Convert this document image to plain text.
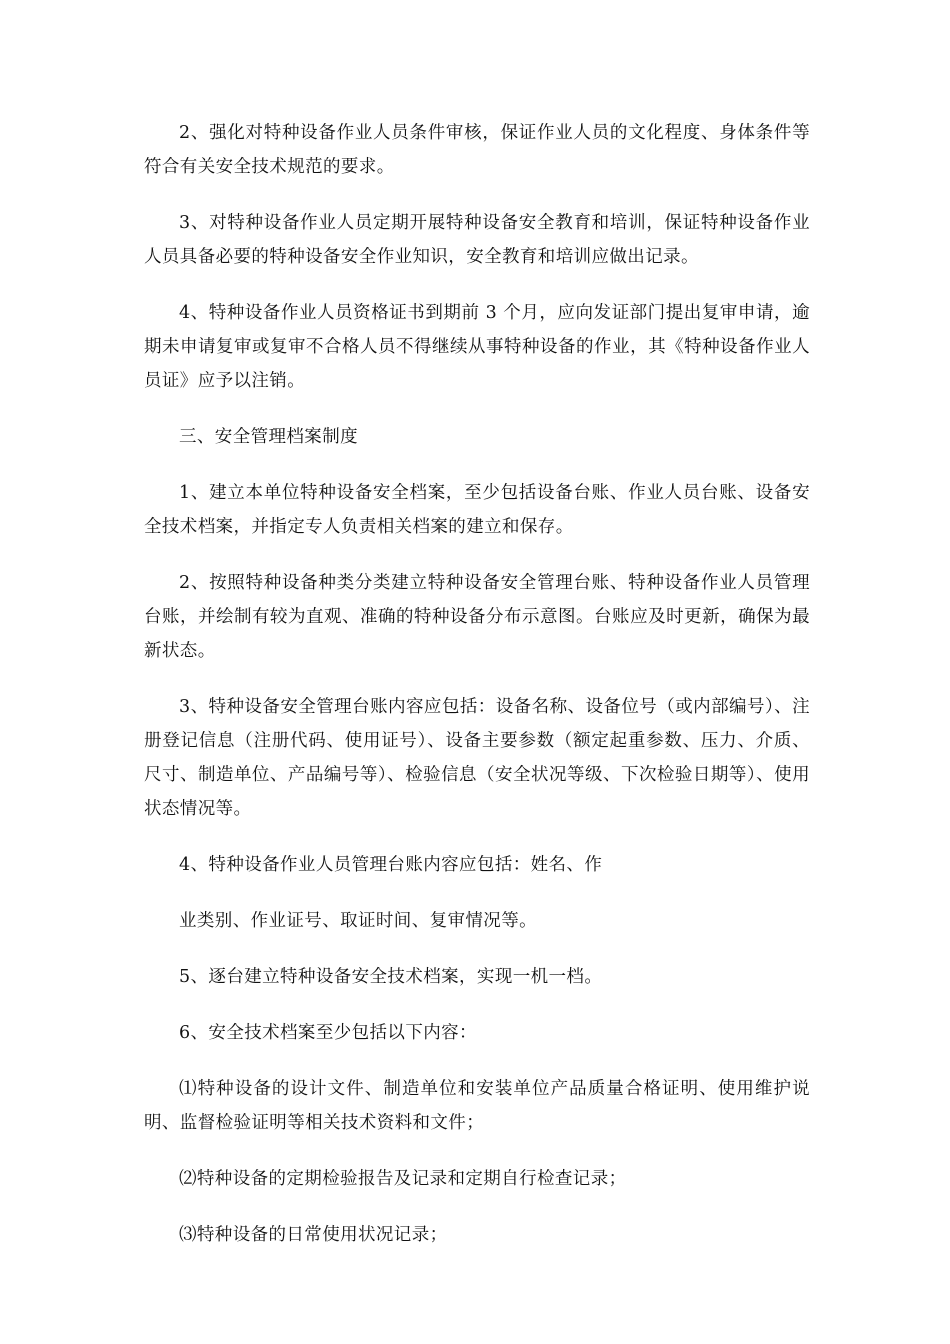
2、强化对特种设备作业人员条件审核，保证作业人员的文化程度、身体条件等符合有关安全技术规范的要求。

3、对特种设备作业人员定期开展特种设备安全教育和培训，保证特种设备作业人员具备必要的特种设备安全作业知识，安全教育和培训应做出记录。

4、特种设备作业人员资格证书到期前 3 个月，应向发证部门提出复审申请，逾期未申请复审或复审不合格人员不得继续从事特种设备的作业，其《特种设备作业人员证》应予以注销。

三、安全管理档案制度

1、建立本单位特种设备安全档案，至少包括设备台账、作业人员台账、设备安全技术档案，并指定专人负责相关档案的建立和保存。

2、按照特种设备种类分类建立特种设备安全管理台账、特种设备作业人员管理台账，并绘制有较为直观、准确的特种设备分布示意图。台账应及时更新，确保为最新状态。

3、特种设备安全管理台账内容应包括：设备名称、设备位号（或内部编号）、注册登记信息（注册代码、使用证号）、设备主要参数（额定起重参数、压力、介质、尺寸、制造单位、产品编号等）、检验信息（安全状况等级、下次检验日期等）、使用状态情况等。

4、特种设备作业人员管理台账内容应包括：姓名、作

业类别、作业证号、取证时间、复审情况等。

5、逐台建立特种设备安全技术档案，实现一机一档。

6、安全技术档案至少包括以下内容：

⑴特种设备的设计文件、制造单位和安装单位产品质量合格证明、使用维护说明、监督检验证明等相关技术资料和文件；

⑵特种设备的定期检验报告及记录和定期自行检查记录；

⑶特种设备的日常使用状况记录；
